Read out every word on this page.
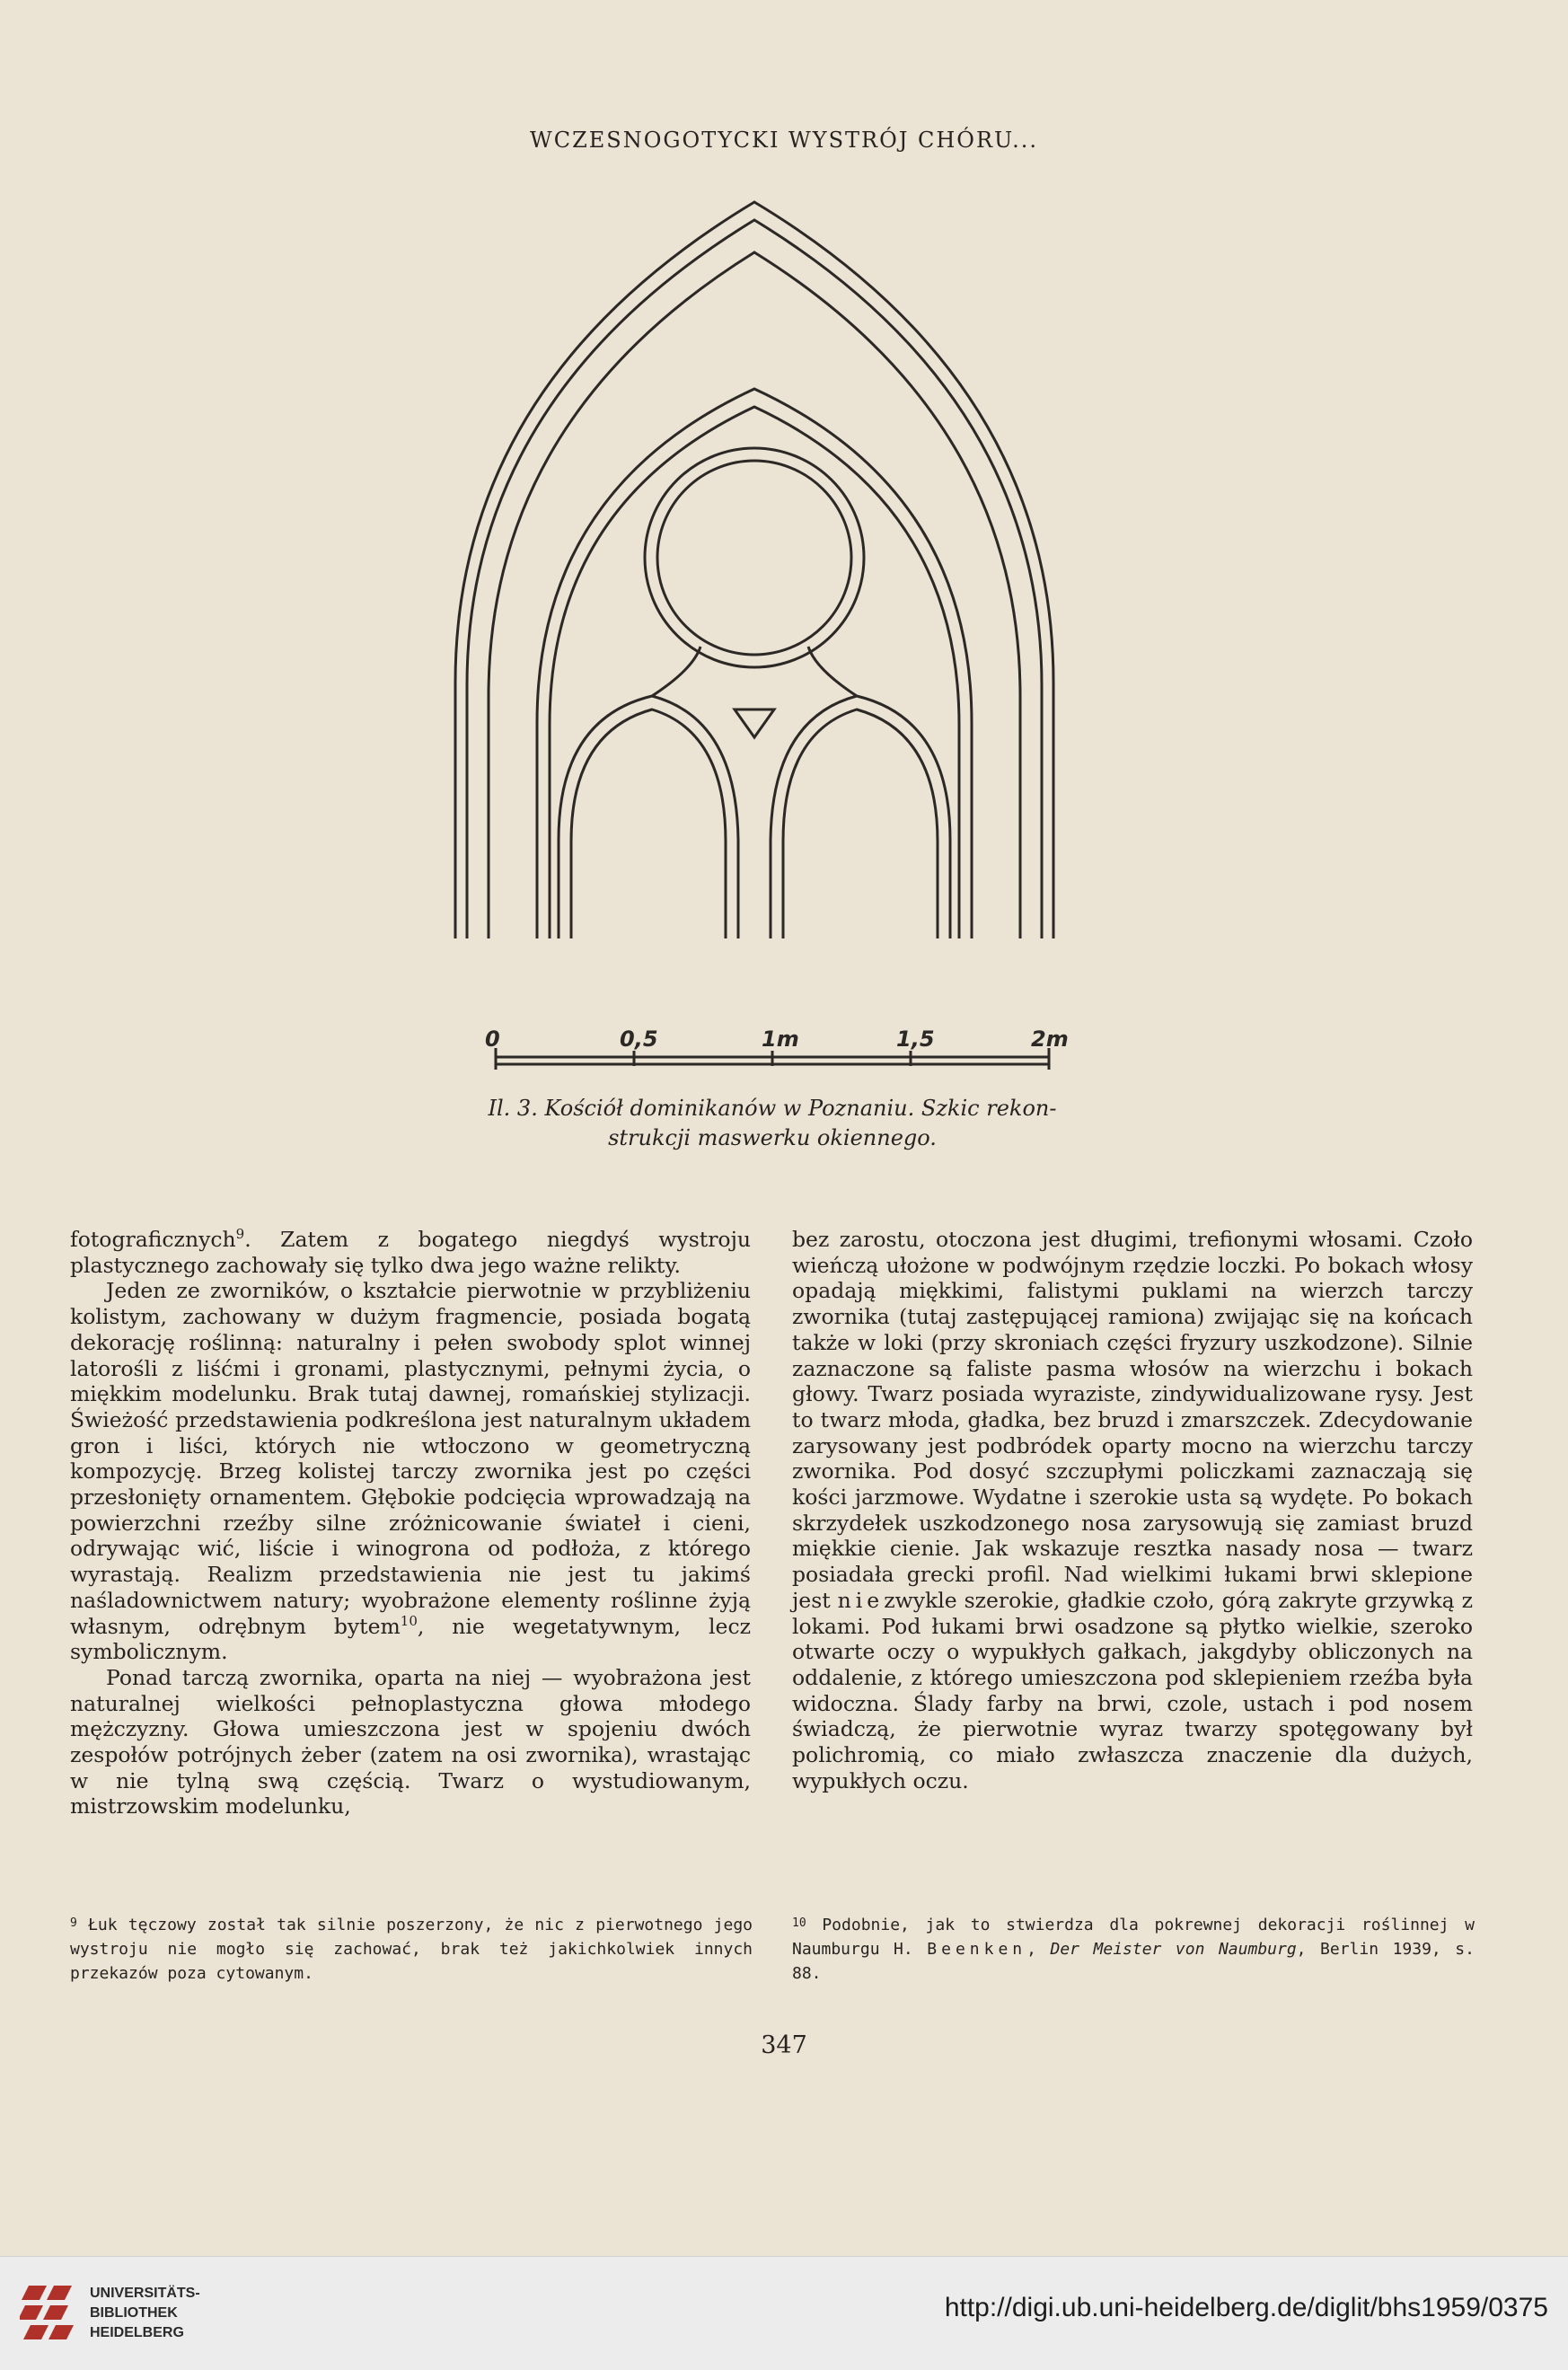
WCZESNOGOTYCKI WYSTRÓJ CHÓRU...
0	0,5	1m	1,5	2m
Il. 3. Kościół dominikanów w Poznaniu. Szkic rekon-
strukcji maswerku okiennego.

fotograficznych$^9$. Zatem z bogatego niegdyś wystroju plastycznego zachowały się tylko dwa jego ważne relikty.

Jeden ze zworników, o kształcie pierwotnie w przybliżeniu kolistym, zachowany w dużym fragmencie, posiada bogatą dekorację roślinną: naturalny i pełen swobody splot winnej latorośli z liśćmi i gronami, plastycznymi, pełnymi życia, o miękkim modelunku. Brak tutaj dawnej, romańskiej stylizacji. Świeżość przedstawienia podkreślona jest naturalnym układem gron i liści, których nie wtłoczono w geometryczną kompozycję. Brzeg kolistej tarczy zwornika jest po części przesłonięty ornamentem. Głębokie podcięcia wprowadzają na powierzchni rzeźby silne zróżnicowanie świateł i cieni, odrywając wić, liście i winogrona od podłoża, z którego wyrastają. Realizm przedstawienia nie jest tu jakimś naśladownictwem natury; wyobrażone elementy roślinne żyją własnym, odrębnym bytem$^{10}$, nie wegetatywnym, lecz symbolicznym.

Ponad tarczą zwornika, oparta na niej — wyobrażona jest naturalnej wielkości pełnoplastyczna głowa młodego mężczyzny. Głowa umieszczona jest w spojeniu dwóch zespołów potrójnych żeber (zatem na osi zwornika), wrastając w nie tylną swą częścią. Twarz o wystudiowanym, mistrzowskim modelunku,

bez zarostu, otoczona jest długimi, trefionymi włosami. Czoło wieńczą ułożone w podwójnym rzędzie loczki. Po bokach włosy opadają miękkimi, falistymi puklami na wierzch tarczy zwornika (tutaj zastępującej ramiona) zwijając się na końcach także w loki (przy skroniach części fryzury uszkodzone). Silnie zaznaczone są faliste pasma włosów na wierzchu i bokach głowy. Twarz posiada wyraziste, zindywidualizowane rysy. Jest to twarz młoda, gładka, bez bruzd i zmarszczek. Zdecydowanie zarysowany jest podbródek oparty mocno na wierzchu tarczy zwornika. Pod dosyć szczupłymi policzkami zaznaczają się kości jarzmowe. Wydatne i szerokie usta są wydęte. Po bokach skrzydełek uszkodzonego nosa zarysowują się zamiast bruzd miękkie cienie. Jak wskazuje resztka nasady nosa — twarz posiadała grecki profil. Nad wielkimi łukami brwi sklepione jest niezwykle szerokie, gładkie czoło, górą zakryte grzywką z lokami. Pod łukami brwi osadzone są płytko wielkie, szeroko otwarte oczy o wypukłych gałkach, jakgdyby obliczonych na oddalenie, z którego umieszczona pod sklepieniem rzeźba była widoczna. Ślady farby na brwi, czole, ustach i pod nosem świadczą, że pierwotnie wyraz twarzy spotęgowany był polichromią, co miało zwłaszcza znaczenie dla dużych, wypukłych oczu.

$^9$ Łuk tęczowy został tak silnie poszerzony, że nic z pierwotnego jego wystroju nie mogło się zachować, brak też jakichkolwiek innych przekazów poza cytowanym.
$^{10}$ Podobnie, jak to stwierdza dla pokrewnej dekoracji roślinnej w Naumburgu H. Beenken, Der Meister von Naumburg, Berlin 1939, s. 88.
347
UNIVERSITÄTS-
BIBLIOTHEK
HEIDELBERG
http://digi.ub.uni-heidelberg.de/diglit/bhs1959/0375
